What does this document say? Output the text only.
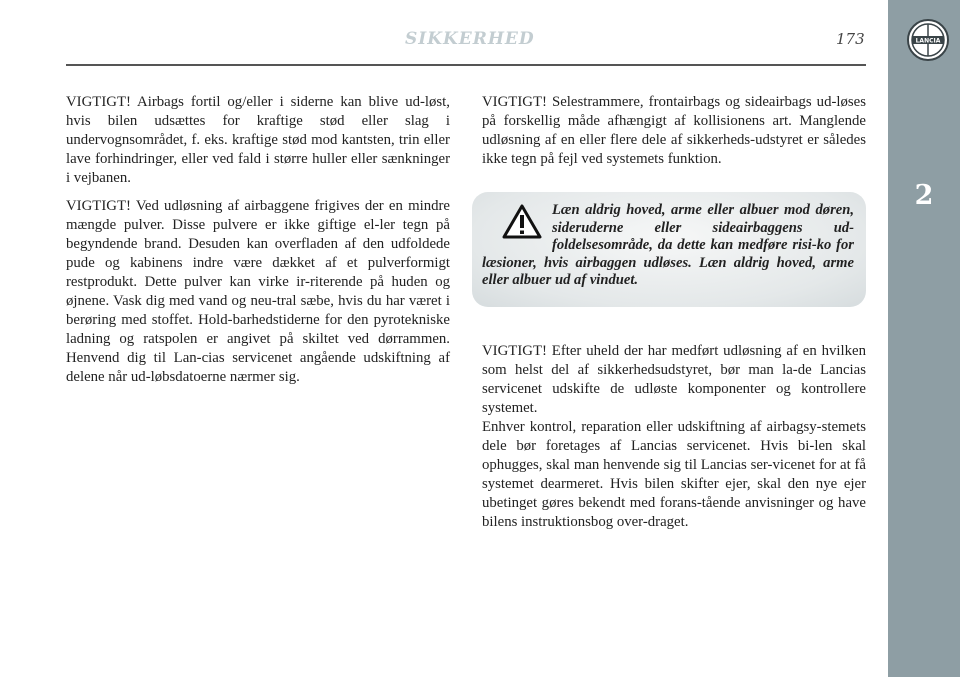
LANCIA
2
SIKKERHED	173

VIGTIGT! Airbags fortil og/eller i siderne kan blive ud-løst, hvis bilen udsættes for kraftige stød eller slag i undervognsområdet, f. eks. kraftige stød mod kantsten, trin eller lave forhindringer, eller ved fald i større huller eller sænkninger i vejbanen.

VIGTIGT! Ved udløsning af airbaggene frigives der en mindre mængde pulver. Disse pulvere er ikke giftige el-ler tegn på begyndende brand. Desuden kan overfladen af den udfoldede pude og kabinens indre være dækket af et pulverformigt restprodukt. Dette pulver kan virke ir-riterende på huden og øjnene. Vask dig med vand og neu-tral sæbe, hvis du har været i berøring med stoffet. Hold-barhedstiderne for den pyrotekniske ladning og ratspolen er angivet på skiltet ved dørrammen. Henvend dig til Lan-cias servicenet angående udskiftning af delene når ud-løbsdatoerne nærmer sig.

VIGTIGT! Selestrammere, frontairbags og sideairbags ud-løses på forskellig måde afhængigt af kollisionens art. Manglende udløsning af en eller flere dele af sikkerheds-udstyret er således ikke tegn på fejl ved systemets funktion.

Læn aldrig hoved, arme eller albuer mod døren, sideruderne eller sideairbaggens ud-foldelsesområde, da dette kan medføre risi-ko for læsioner, hvis airbaggen udløses. Læn aldrig hoved, arme eller albuer ud af vinduet.

VIGTIGT! Efter uheld der har medført udløsning af en hvilken som helst del af sikkerhedsudstyret, bør man la-de Lancias servicenet udskifte de udløste komponenter og kontrollere systemet.

Enhver kontrol, reparation eller udskiftning af airbagsy-stemets dele bør foretages af Lancias servicenet. Hvis bi-len skal ophugges, skal man henvende sig til Lancias ser-vicenet for at få systemet dearmeret. Hvis bilen skifter ejer, skal den nye ejer ubetinget gøres bekendt med forans-tående anvisninger og have bilens instruktionsbog over-draget.
